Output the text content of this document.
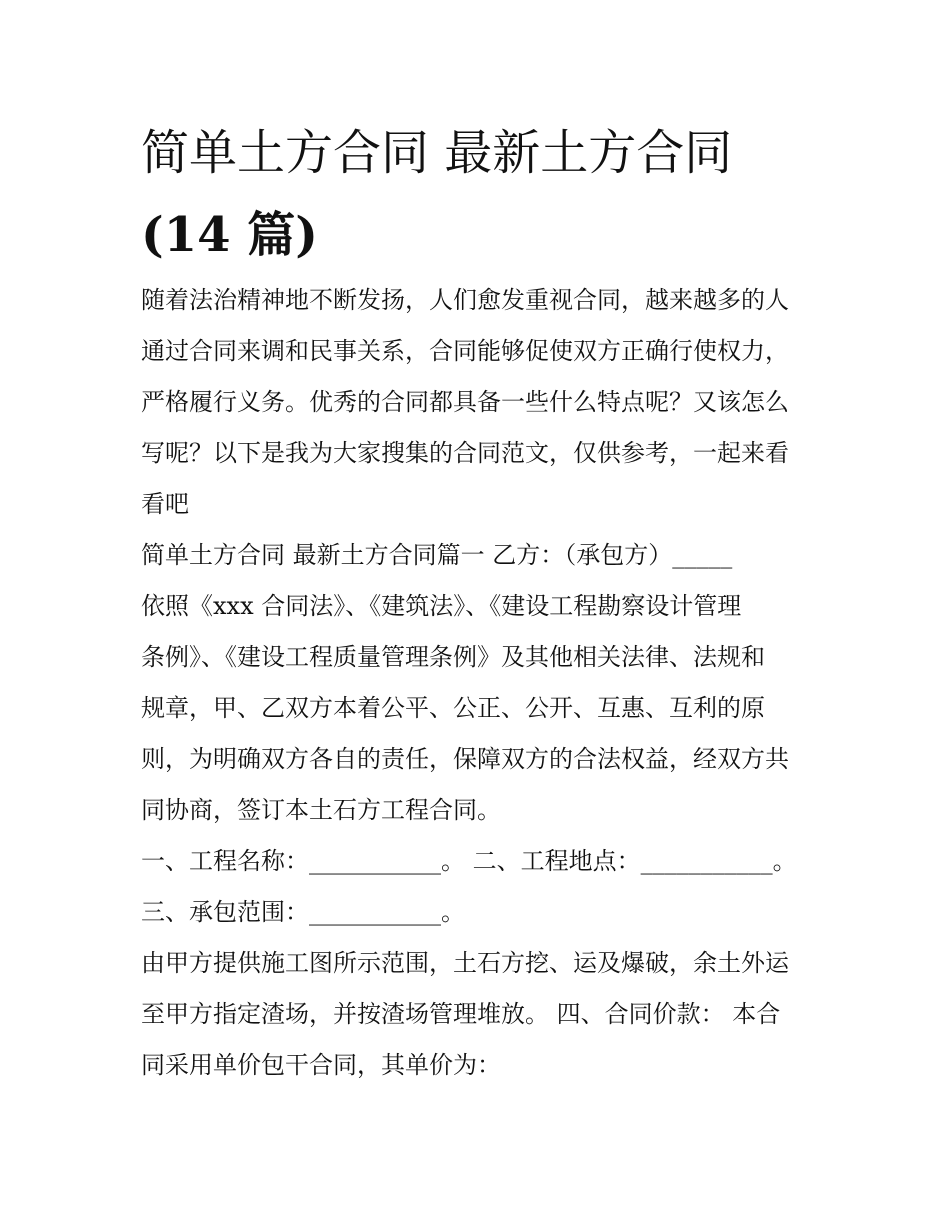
简单土方合同 最新土方合同
(14 篇)
随着法治精神地不断发扬，人们愈发重视合同，越来越多的人
通过合同来调和民事关系，合同能够促使双方正确行使权力，
严格履行义务。优秀的合同都具备一些什么特点呢？又该怎么
写呢？以下是我为大家搜集的合同范文，仅供参考，一起来看
看吧
简单土方合同 最新土方合同篇一 乙方：（承包方）_____
依照《xxx 合同法》、《建筑法》、《建设工程勘察设计管理
条例》、《建设工程质量管理条例》及其他相关法律、法规和
规章，甲、乙双方本着公平、公正、公开、互惠、互利的原
则，为明确双方各自的责任，保障双方的合法权益，经双方共
同协商，签订本土石方工程合同。
一、工程名称：___________。 二、工程地点：___________。
三、承包范围：___________。
由甲方提供施工图所示范围，土石方挖、运及爆破，余土外运
至甲方指定渣场，并按渣场管理堆放。 四、合同价款： 本合
同采用单价包干合同，其单价为：
